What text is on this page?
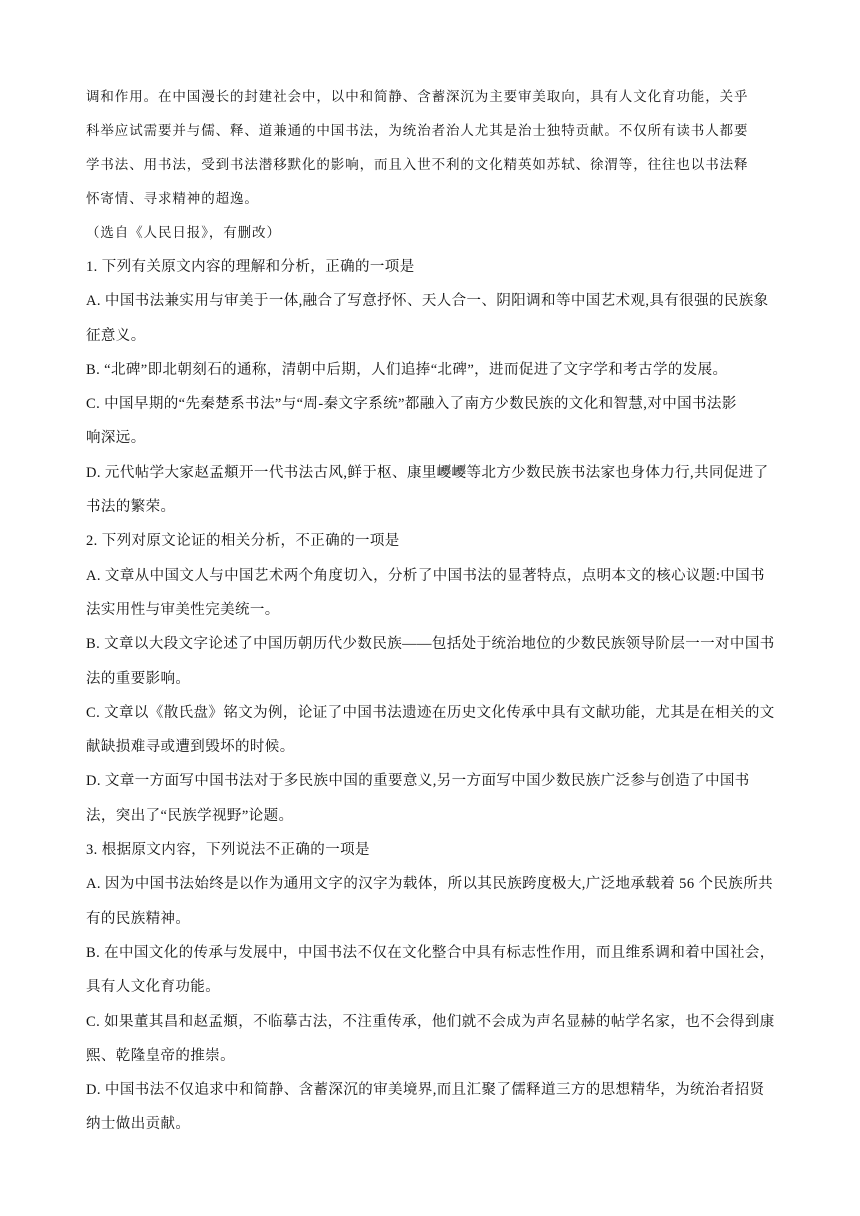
调和作用。在中国漫长的封建社会中，以中和简静、含蓄深沉为主要审美取向，具有人文化育功能，关乎

科举应试需要并与儒、释、道兼通的中国书法，为统治者治人尤其是治士独特贡献。不仅所有读书人都要

学书法、用书法，受到书法潜移默化的影响，而且入世不利的文化精英如苏轼、徐渭等，往往也以书法释

怀寄情、寻求精神的超逸。

（选自《人民日报》，有删改）

1. 下列有关原文内容的理解和分析，正确的一项是

A. 中国书法兼实用与审美于一体,融合了写意抒怀、天人合一、阴阳调和等中国艺术观,具有很强的民族象

征意义。

B. “北碑”即北朝刻石的通称，清朝中后期，人们追捧“北碑”，进而促进了文字学和考古学的发展。

C. 中国早期的“先秦楚系书法”与“周-秦文字系统”都融入了南方少数民族的文化和智慧,对中国书法影

响深远。

D. 元代帖学大家赵孟頫开一代书法古风,鲜于枢、康里巎巎等北方少数民族书法家也身体力行,共同促进了

书法的繁荣。

2. 下列对原文论证的相关分析，不正确的一项是

A. 文章从中国文人与中国艺术两个角度切入，分析了中国书法的显著特点，点明本文的核心议题:中国书

法实用性与审美性完美统一。

B. 文章以大段文字论述了中国历朝历代少数民族——包括处于统治地位的少数民族领导阶层一一对中国书

法的重要影响。

C. 文章以《散氏盘》铭文为例，论证了中国书法遗迹在历史文化传承中具有文献功能，尤其是在相关的文

献缺损难寻或遭到毁坏的时候。

D. 文章一方面写中国书法对于多民族中国的重要意义,另一方面写中国少数民族广泛参与创造了中国书

法，突出了“民族学视野”论题。

3. 根据原文内容，下列说法不正确的一项是

A. 因为中国书法始终是以作为通用文字的汉字为载体，所以其民族跨度极大,广泛地承载着 56 个民族所共

有的民族精神。

B. 在中国文化的传承与发展中，中国书法不仅在文化整合中具有标志性作用，而且维系调和着中国社会，

具有人文化育功能。

C. 如果董其昌和赵孟頫，不临摹古法，不注重传承，他们就不会成为声名显赫的帖学名家，也不会得到康

熙、乾隆皇帝的推崇。

D. 中国书法不仅追求中和简静、含蓄深沉的审美境界,而且汇聚了儒释道三方的思想精华，为统治者招贤

纳士做出贡献。
